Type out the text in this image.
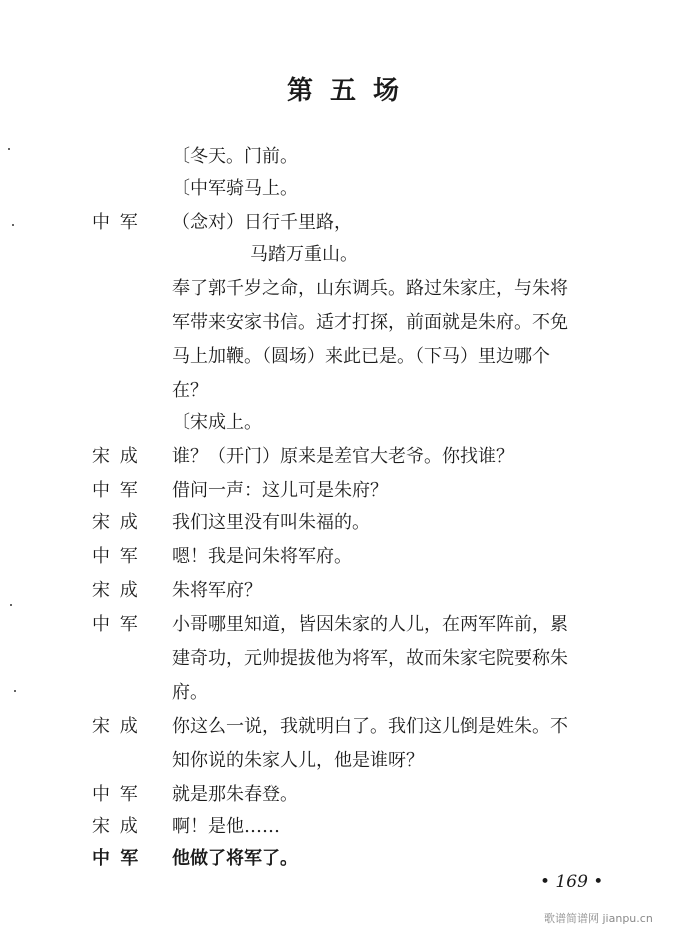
第 五 场
〔冬天。门前。
〔中军骑马上。
中 军 （念对）日行千里路，
马踏万重山。
奉了郭千岁之命，山东调兵。路过朱家庄，与朱将
军带来安家书信。适才打探，前面就是朱府。不免
马上加鞭。（圆场）来此已是。（下马）里边哪个
在？
〔宋成上。
宋 成 谁？（开门）原来是差官大老爷。你找谁？
中 军 借问一声：这儿可是朱府？
宋 成 我们这里没有叫朱福的。
中 军 嗯！我是问朱将军府。
宋 成 朱将军府？
中 军 小哥哪里知道，皆因朱家的人儿，在两军阵前，累
建奇功，元帅提拔他为将军，故而朱家宅院要称朱
府。
宋 成 你这么一说，我就明白了。我们这儿倒是姓朱。不
知你说的朱家人儿，他是谁呀？
中 军 就是那朱春登。
宋 成 啊！是他……
中 军 他做了将军了。
• 169 •
歌谱简谱网 jianpu.cn
